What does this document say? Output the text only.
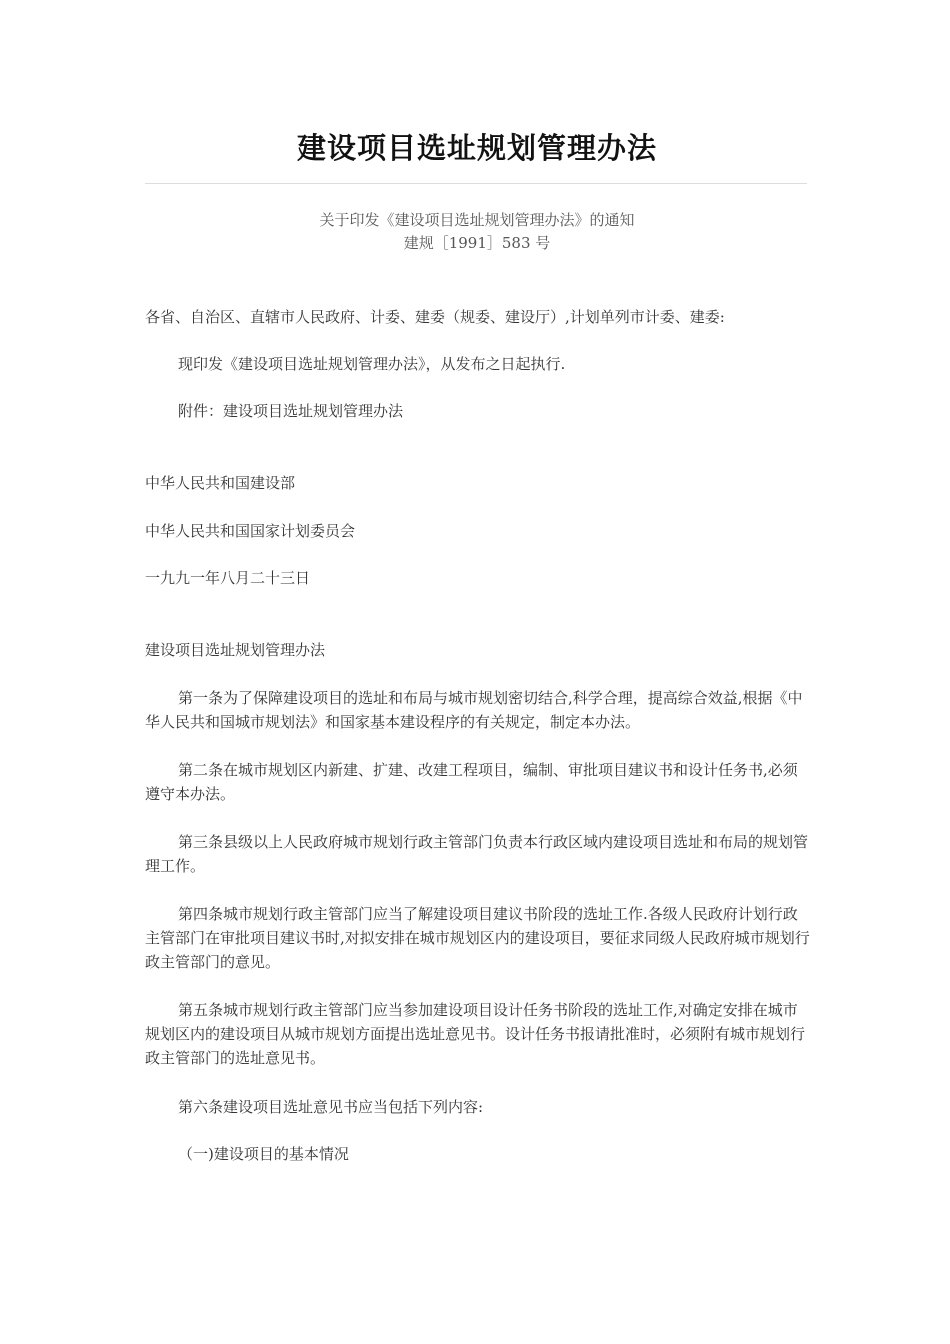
建设项目选址规划管理办法
关于印发《建设项目选址规划管理办法》的通知
建规［1991］583 号

各省、自治区、直辖市人民政府、计委、建委（规委、建设厅）,计划单列市计委、建委:

现印发《建设项目选址规划管理办法》，从发布之日起执行.

附件：建设项目选址规划管理办法

中华人民共和国建设部

中华人民共和国国家计划委员会

一九九一年八月二十三日

建设项目选址规划管理办法

第一条为了保障建设项目的选址和布局与城市规划密切结合,科学合理，提高综合效益,根据《中华人民共和国城市规划法》和国家基本建设程序的有关规定，制定本办法。

第二条在城市规划区内新建、扩建、改建工程项目，编制、审批项目建议书和设计任务书,必须遵守本办法。

第三条县级以上人民政府城市规划行政主管部门负责本行政区域内建设项目选址和布局的规划管理工作。

第四条城市规划行政主管部门应当了解建设项目建议书阶段的选址工作.各级人民政府计划行政主管部门在审批项目建议书时,对拟安排在城市规划区内的建设项目，要征求同级人民政府城市规划行政主管部门的意见。

第五条城市规划行政主管部门应当参加建设项目设计任务书阶段的选址工作,对确定安排在城市规划区内的建设项目从城市规划方面提出选址意见书。设计任务书报请批准时，必须附有城市规划行政主管部门的选址意见书。

第六条建设项目选址意见书应当包括下列内容:

（一)建设项目的基本情况
